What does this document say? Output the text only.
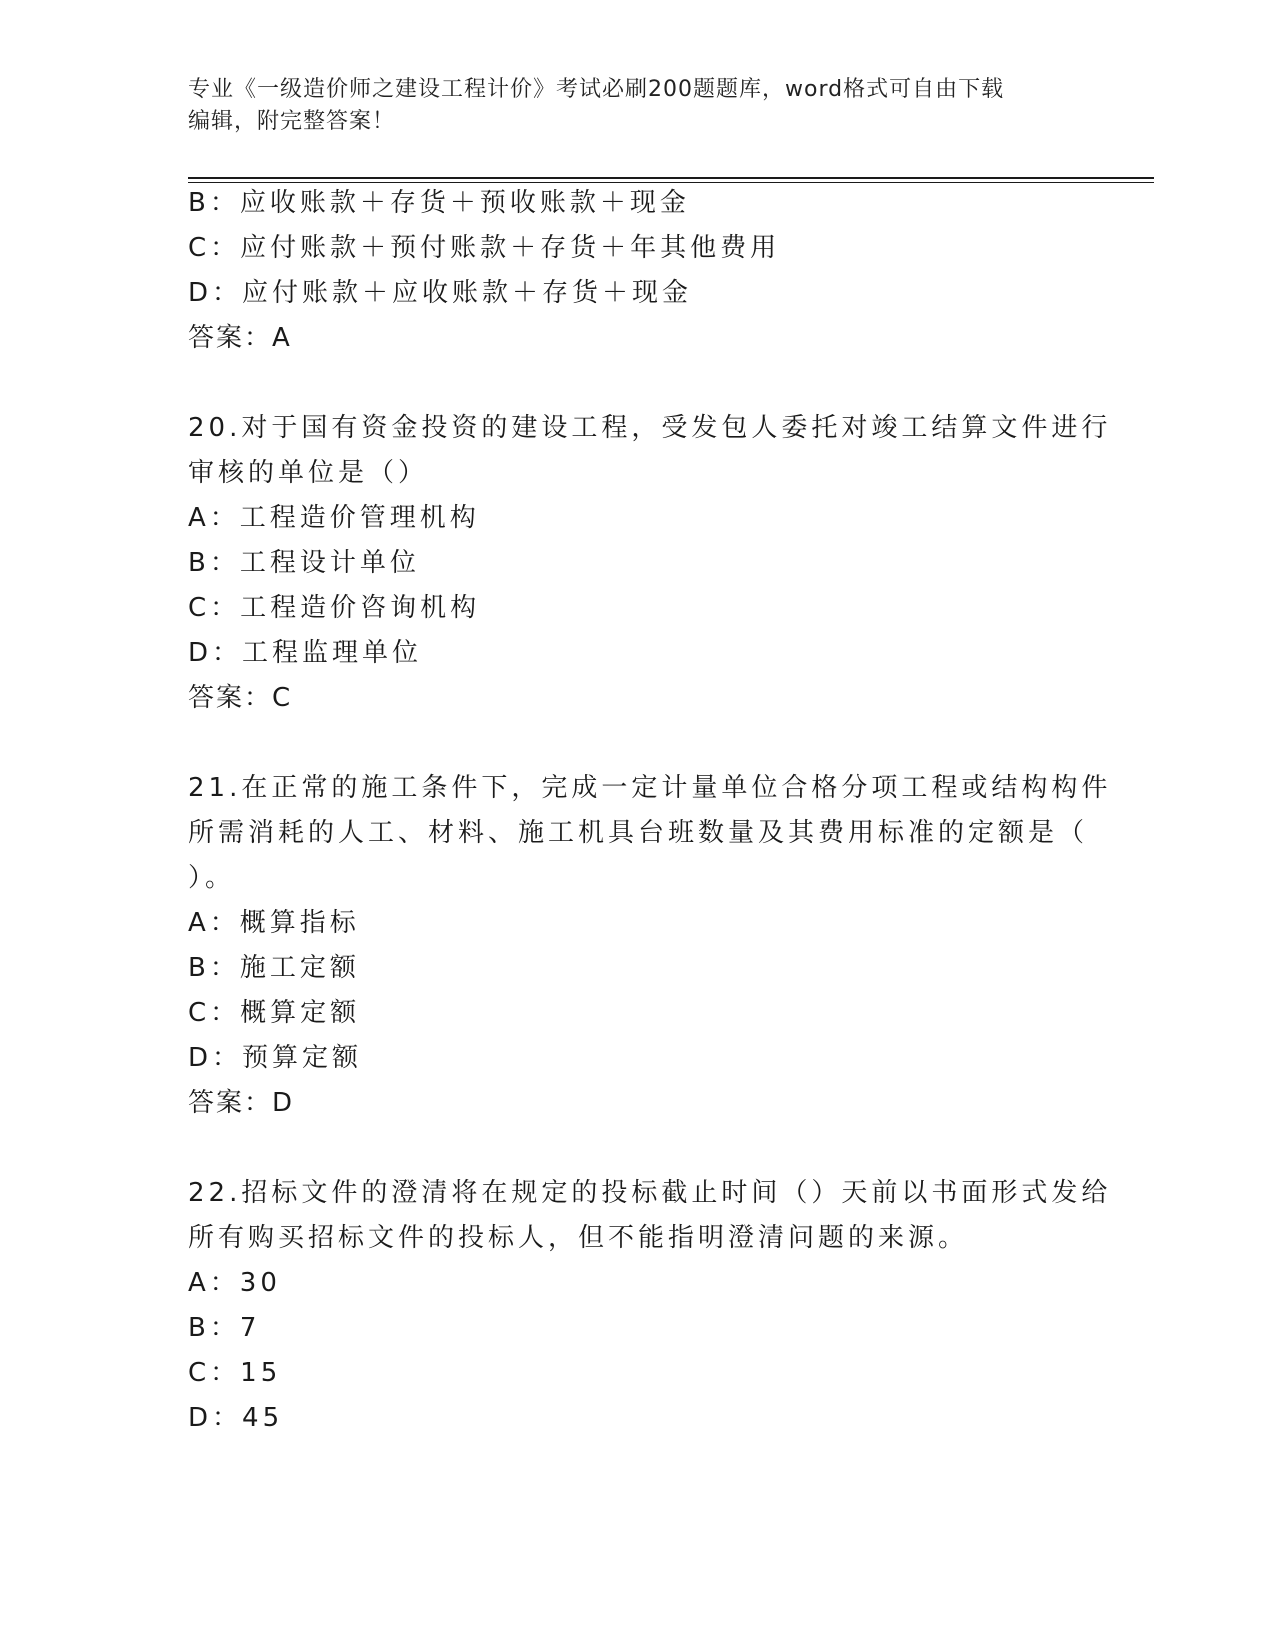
专业《一级造价师之建设工程计价》考试必刷200题题库，word格式可自由下载
编辑，附完整答案！
B：应收账款＋存货＋预收账款＋现金
C：应付账款＋预付账款＋存货＋年其他费用
D：应付账款＋应收账款＋存货＋现金
答案：A
20.对于国有资金投资的建设工程，受发包人委托对竣工结算文件进行
审核的单位是（）
A：工程造价管理机构
B：工程设计单位
C：工程造价咨询机构
D：工程监理单位
答案：C
21.在正常的施工条件下，完成一定计量单位合格分项工程或结构构件
所需消耗的人工、材料、施工机具台班数量及其费用标准的定额是（
）。
A：概算指标
B：施工定额
C：概算定额
D：预算定额
答案：D
22.招标文件的澄清将在规定的投标截止时间（）天前以书面形式发给
所有购买招标文件的投标人，但不能指明澄清问题的来源。
A：30
B：7
C：15
D：45
